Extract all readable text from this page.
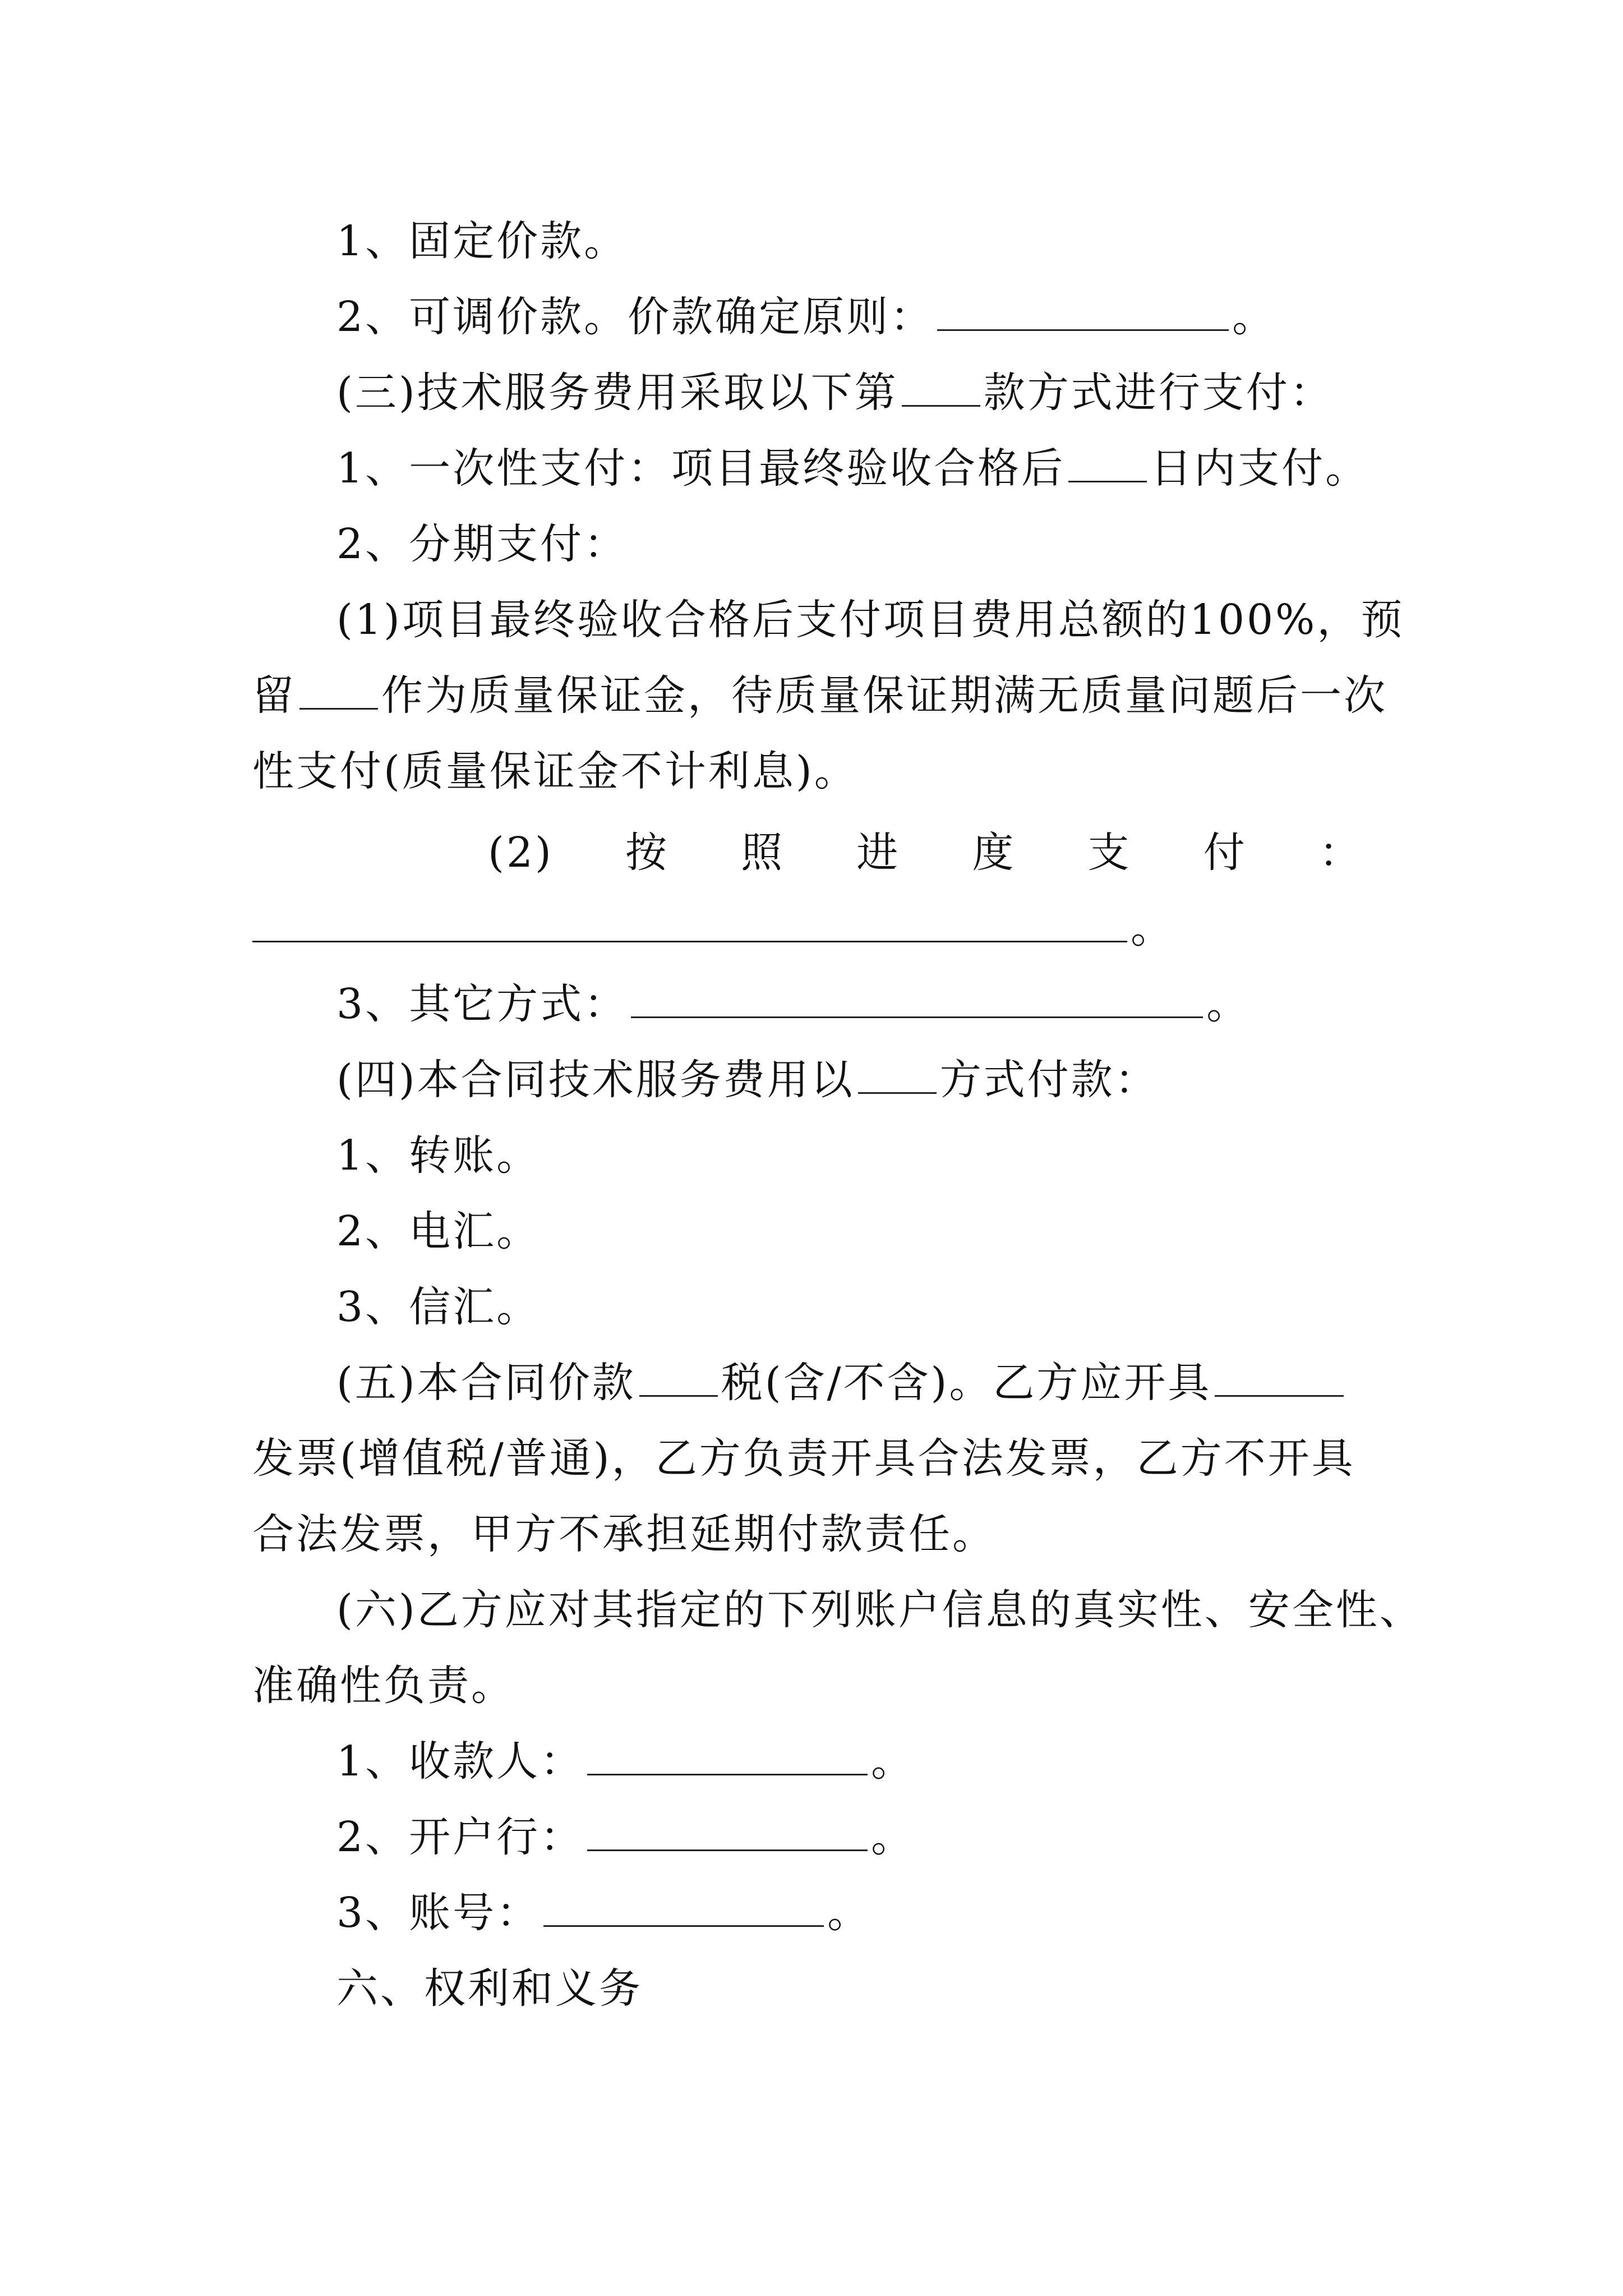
1、固定价款。
2、可调价款。价款确定原则：	。
(三)技术服务费用采取以下第 款方式进行支付：
1、一次性支付：项目最终验收合格后 日内支付。
2、分期支付：
(1)项目最终验收合格后支付项目费用总额的100%，预
留 作为质量保证金，待质量保证期满无质量问题后一次
性支付(质量保证金不计利息)。
(2) 按 照 进 度 支 付 ：
。
3、其它方式：	。
(四)本合同技术服务费用以 方式付款：
1、转账。
2、电汇。
3、信汇。
(五)本合同价款 税(含/不含)。乙方应开具
发票(增值税/普通)，乙方负责开具合法发票，乙方不开具
合法发票，甲方不承担延期付款责任。
(六)乙方应对其指定的下列账户信息的真实性、安全性、
准确性负责。
1、收款人：	。
2、开户行：	。
3、账号：	。
六、权利和义务
